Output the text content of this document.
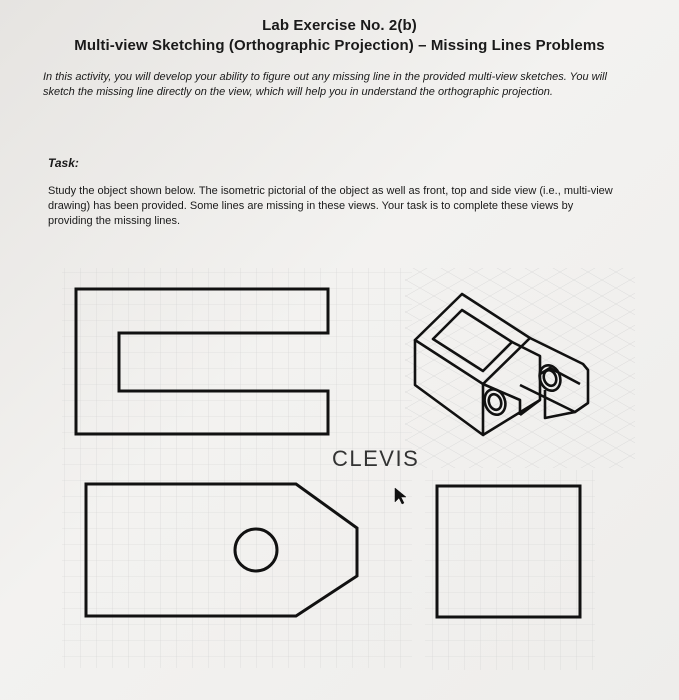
Lab Exercise No. 2(b)
Multi-view Sketching (Orthographic Projection) – Missing Lines Problems
In this activity, you will develop your ability to figure out any missing line in the provided multi-view sketches. You will sketch the missing line directly on the view, which will help you in understand the orthographic projection.
Task:
Study the object shown below. The isometric pictorial of the object as well as front, top and side view (i.e., multi-view drawing) has been provided. Some lines are missing in these views. Your task is to complete these views by providing the missing lines.
CLEVIS
